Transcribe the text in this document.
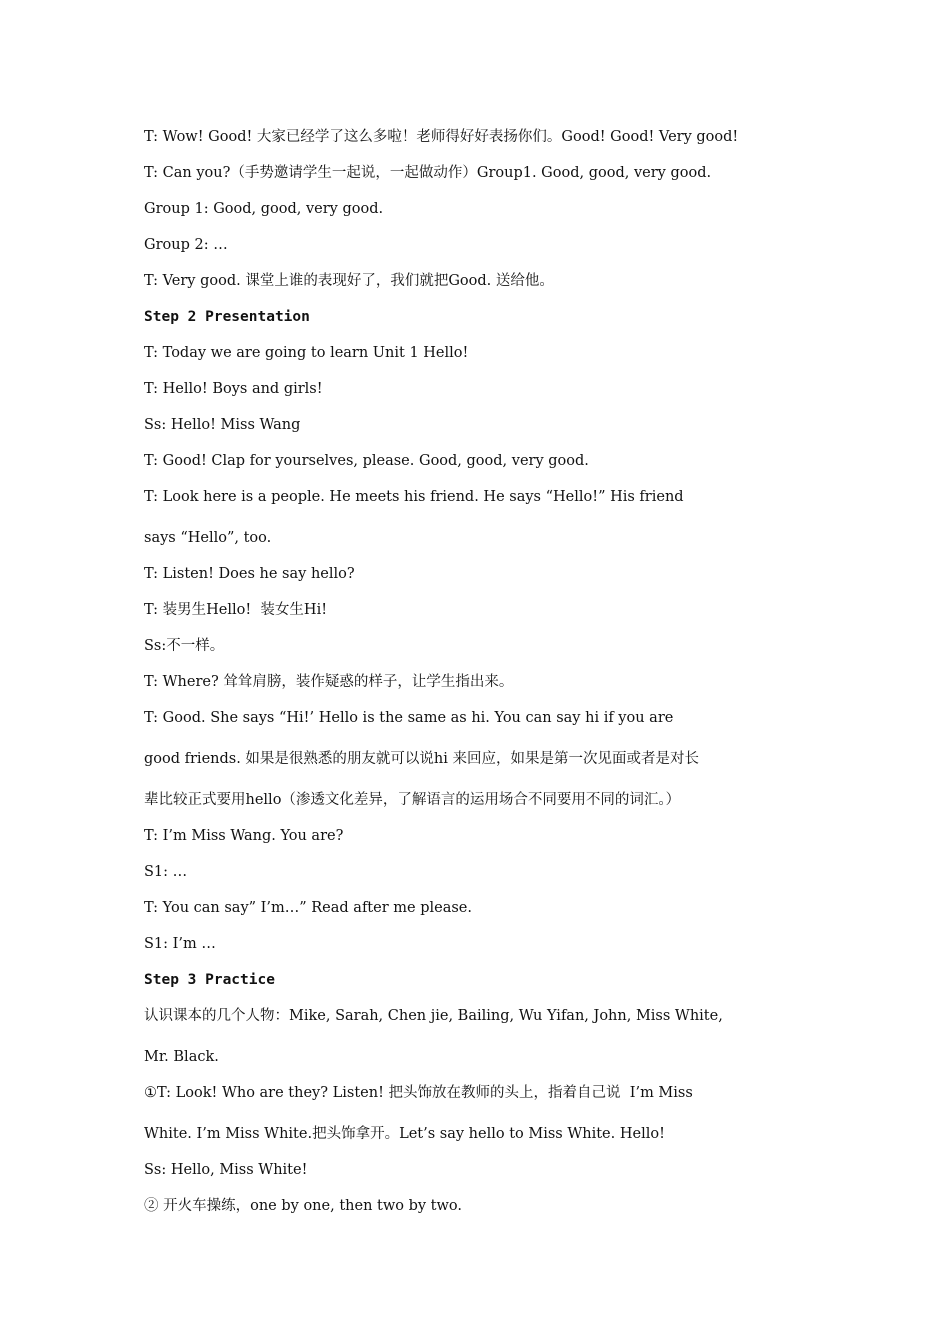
T: Wow! Good! 大家已经学了这么多啦！老师得好好表扬你们。Good! Good! Very good!
T: Can you?（手势邀请学生一起说，一起做动作）Group1. Good, good, very good.
Group 1: Good, good, very good.
Group 2: …
T: Very good. 课堂上谁的表现好了，我们就把Good. 送给他。
Step 2 Presentation
T: Today we are going to learn Unit 1 Hello!
T: Hello! Boys and girls!
Ss: Hello! Miss Wang
T: Good! Clap for yourselves, please. Good, good, very good.
T: Look here is a people. He meets his friend. He says “Hello!” His friend
says “Hello”, too.
T: Listen! Does he say hello?
T: 装男生Hello!  装女生Hi!
Ss:不一样。
T: Where? 耸耸肩膀，装作疑惑的样子，让学生指出来。
T: Good. She says “Hi!’ Hello is the same as hi. You can say hi if you are
good friends. 如果是很熟悉的朋友就可以说hi 来回应，如果是第一次见面或者是对长
辈比较正式要用hello（渗透文化差异，了解语言的运用场合不同要用不同的词汇。）
T: I’m Miss Wang. You are?
S1: …
T: You can say” I’m…” Read after me please.
S1: I’m …
Step 3 Practice
认识课本的几个人物：Mike, Sarah, Chen jie, Bailing, Wu Yifan, John, Miss White,
Mr. Black.
①T: Look! Who are they? Listen! 把头饰放在教师的头上，指着自己说  I’m Miss
White. I’m Miss White.把头饰拿开。Let’s say hello to Miss White. Hello!
Ss: Hello, Miss White!
② 开火车操练，one by one, then two by two.
